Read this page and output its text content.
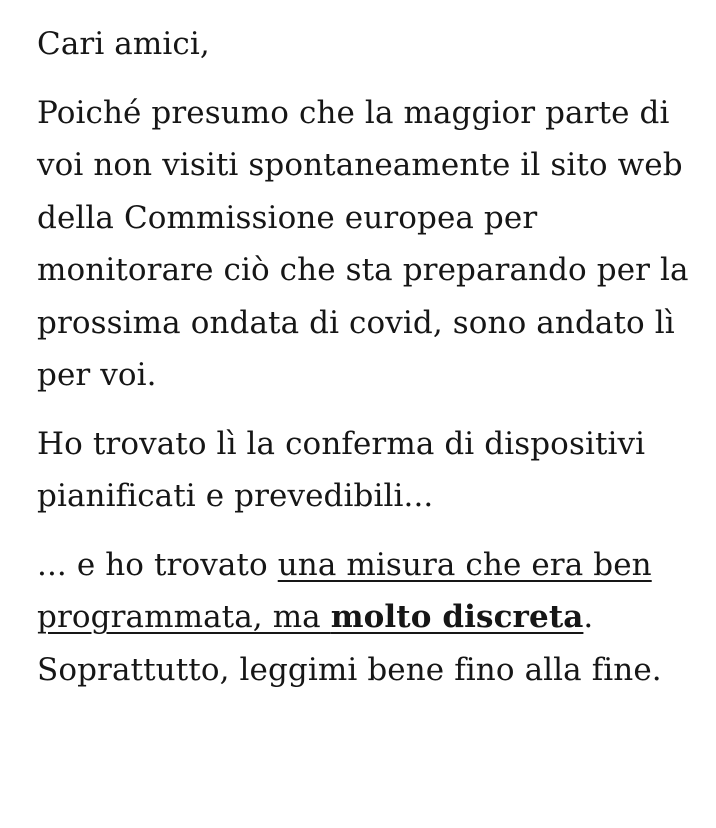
Cari amici,

Poiché presumo che la maggior parte di voi non visiti spontaneamente il sito web della Commissione europea per monitorare ciò che sta preparando per la prossima ondata di covid, sono andato lì per voi.

Ho trovato lì la conferma di dispositivi pianificati e prevedibili...

... e ho trovato una misura che era ben programmata, ma molto discreta. Soprattutto, leggimi bene fino alla fine.
